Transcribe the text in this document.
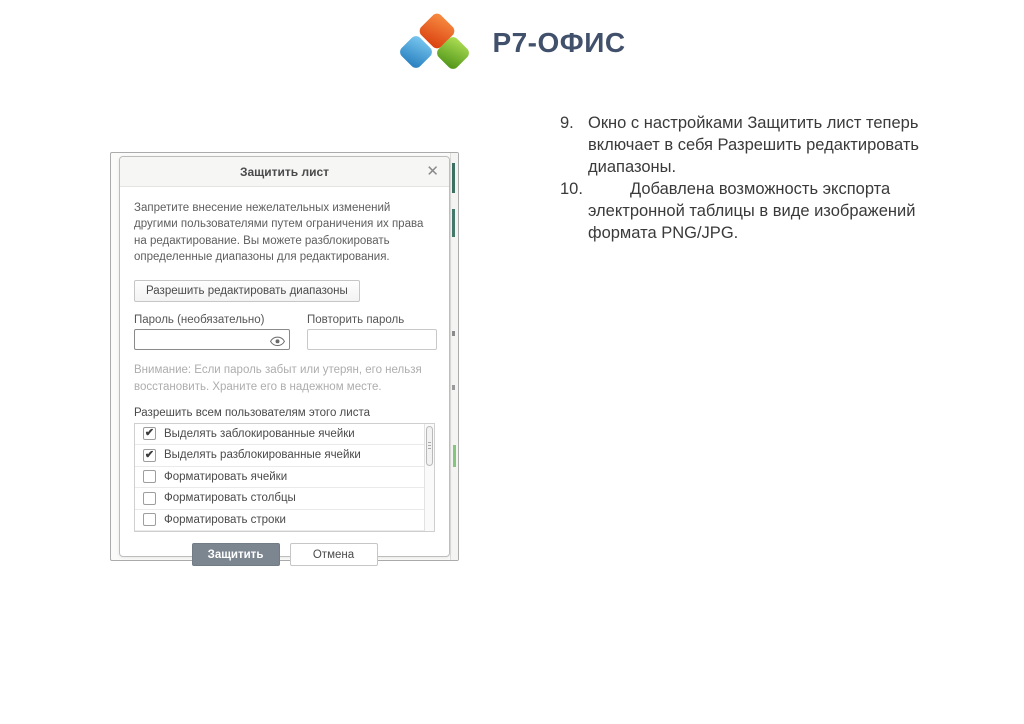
Р7-ОФИС
Защитить лист	✕
Запретите внесение нежелательных изменений другими пользователями путем ограничения их права на редактирование. Вы можете разблокировать определенные диапазоны для редактирования.
Разрешить редактировать диапазоны
Пароль (необязательно)	Повторить пароль
Внимание: Если пароль забыт или утерян, его нельзя восстановить. Храните его в надежном месте.
Разрешить всем пользователям этого листа
✔ Выделять заблокированные ячейки
✔ Выделять разблокированные ячейки
Форматировать ячейки
Форматировать столбцы
Форматировать строки
Защитить	Отмена
9. Окно с настройками Защитить лист теперь включает в себя Разрешить редактировать диапазоны.
10.	Добавлена возможность экспорта электронной таблицы в виде изображений формата PNG/JPG.
